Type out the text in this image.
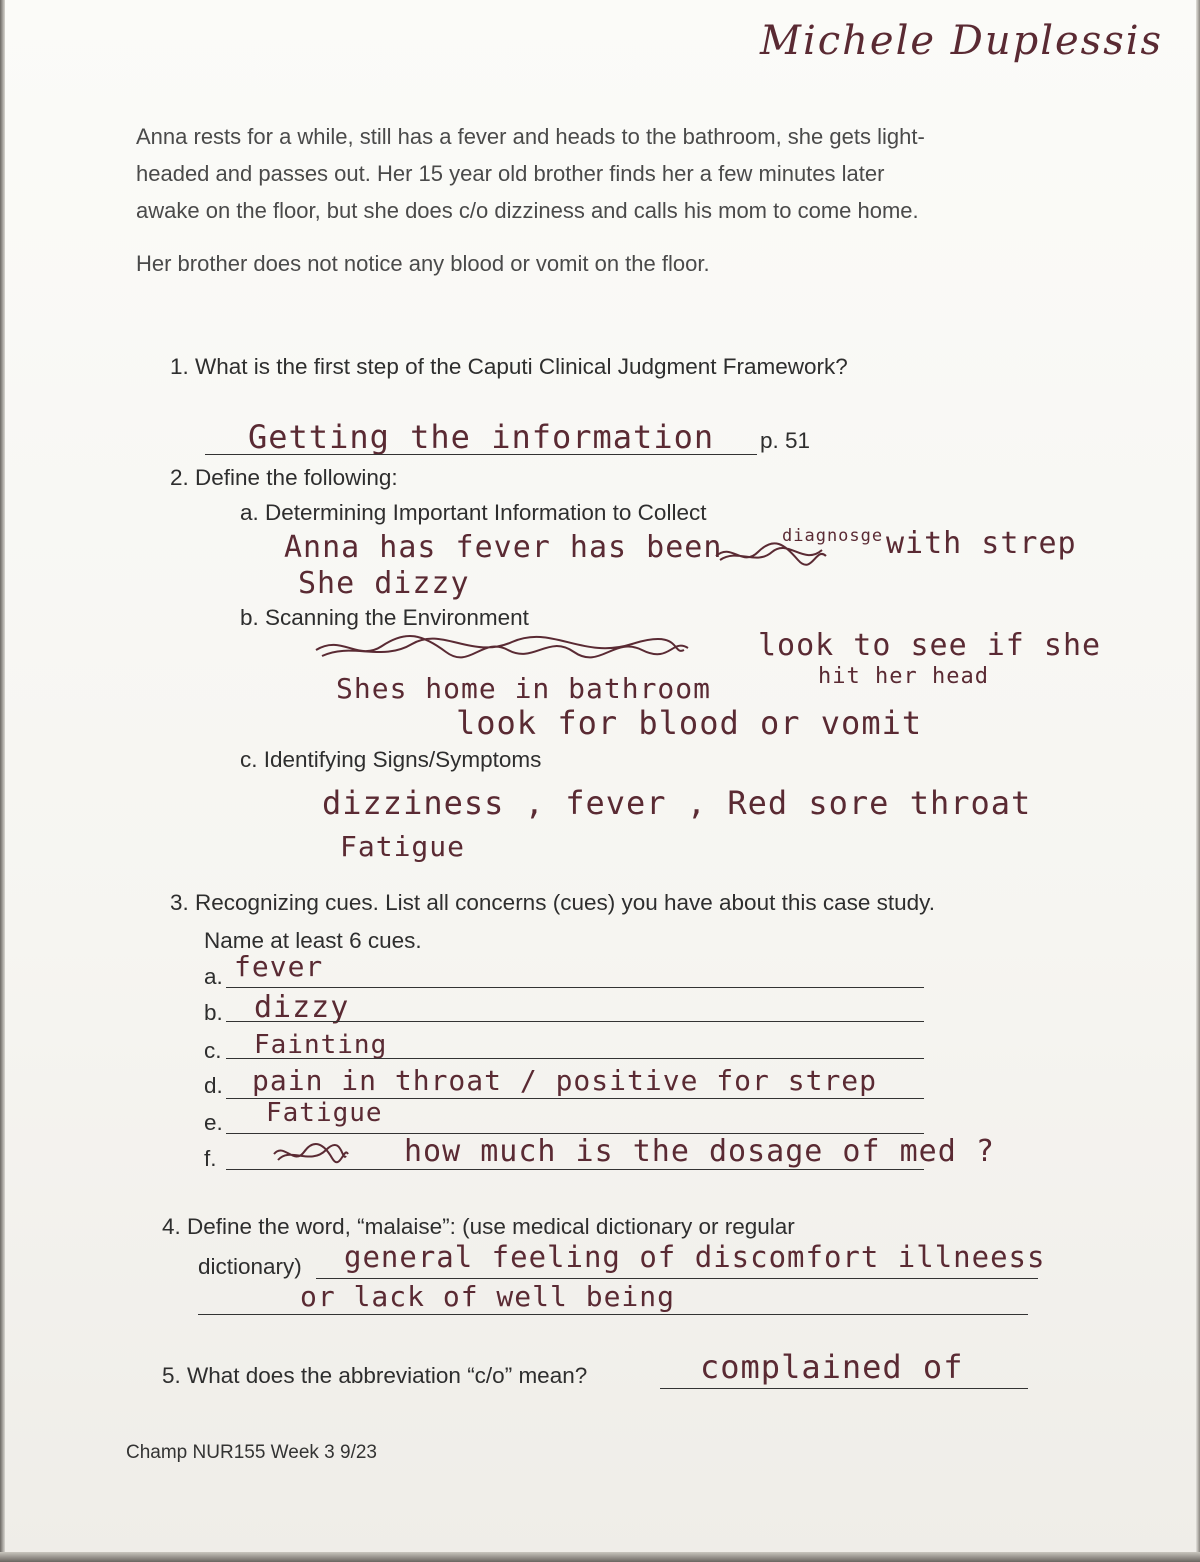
Michele Duplessis
Anna rests for a while, still has a fever and heads to the bathroom, she gets light-
headed and passes out. Her 15 year old brother finds her a few minutes later
awake on the floor, but she does c/o dizziness and calls his mom to come home.
Her brother does not notice any blood or vomit on the floor.
1. What is the first step of the Caputi Clinical Judgment Framework?
Getting the information p. 51
2. Define the following:
a. Determining Important Information to Collect
Anna has fever has been	diagnosge with strep
She dizzy
b. Scanning the Environment
look to see if she
hit her head
Shes home in bathroom
look for blood or vomit
c. Identifying Signs/Symptoms
dizziness , fever , Red sore throat
Fatigue
3. Recognizing cues. List all concerns (cues) you have about this case study.
Name at least 6 cues.
a. fever
b. dizzy
c. Fainting
d. pain in throat / positive for strep
e. Fatigue
f.	how much is the dosage of med ?
4. Define the word, “malaise”: (use medical dictionary or regular
dictionary) general feeling of discomfort illneess
or lack of well being
5. What does the abbreviation “c/o” mean?	complained of
Champ NUR155 Week 3 9/23
